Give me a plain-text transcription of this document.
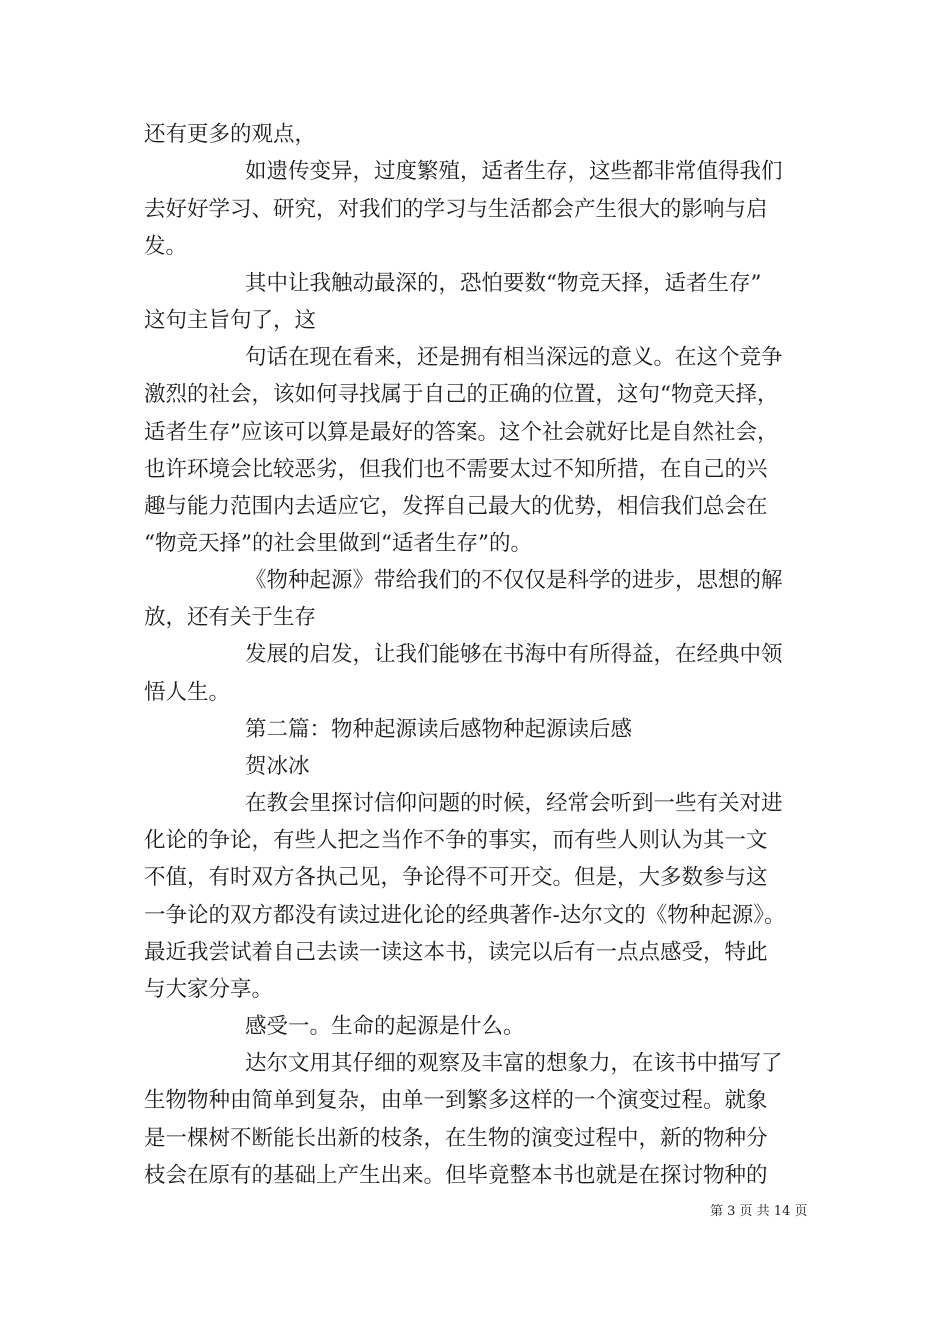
还有更多的观点，
如遗传变异，过度繁殖，适者生存，这些都非常值得我们
去好好学习、研究，对我们的学习与生活都会产生很大的影响与启
发。
其中让我触动最深的，恐怕要数“物竞天择，适者生存”
这句主旨句了，这
句话在现在看来，还是拥有相当深远的意义。在这个竞争
激烈的社会，该如何寻找属于自己的正确的位置，这句“物竞天择，
适者生存”应该可以算是最好的答案。这个社会就好比是自然社会，
也许环境会比较恶劣，但我们也不需要太过不知所措，在自己的兴
趣与能力范围内去适应它，发挥自己最大的优势，相信我们总会在
“物竞天择”的社会里做到“适者生存”的。
《物种起源》带给我们的不仅仅是科学的进步，思想的解
放，还有关于生存
发展的启发，让我们能够在书海中有所得益，在经典中领
悟人生。
第二篇：物种起源读后感物种起源读后感
贺冰冰
在教会里探讨信仰问题的时候，经常会听到一些有关对进
化论的争论，有些人把之当作不争的事实，而有些人则认为其一文
不值，有时双方各执己见，争论得不可开交。但是，大多数参与这
一争论的双方都没有读过进化论的经典著作-达尔文的《物种起源》。
最近我尝试着自己去读一读这本书，读完以后有一点点感受，特此
与大家分享。
感受一。生命的起源是什么。
达尔文用其仔细的观察及丰富的想象力，在该书中描写了
生物物种由简单到复杂，由单一到繁多这样的一个演变过程。就象
是一棵树不断能长出新的枝条，在生物的演变过程中，新的物种分
枝会在原有的基础上产生出来。但毕竟整本书也就是在探讨物种的
第 3 页 共 14 页
